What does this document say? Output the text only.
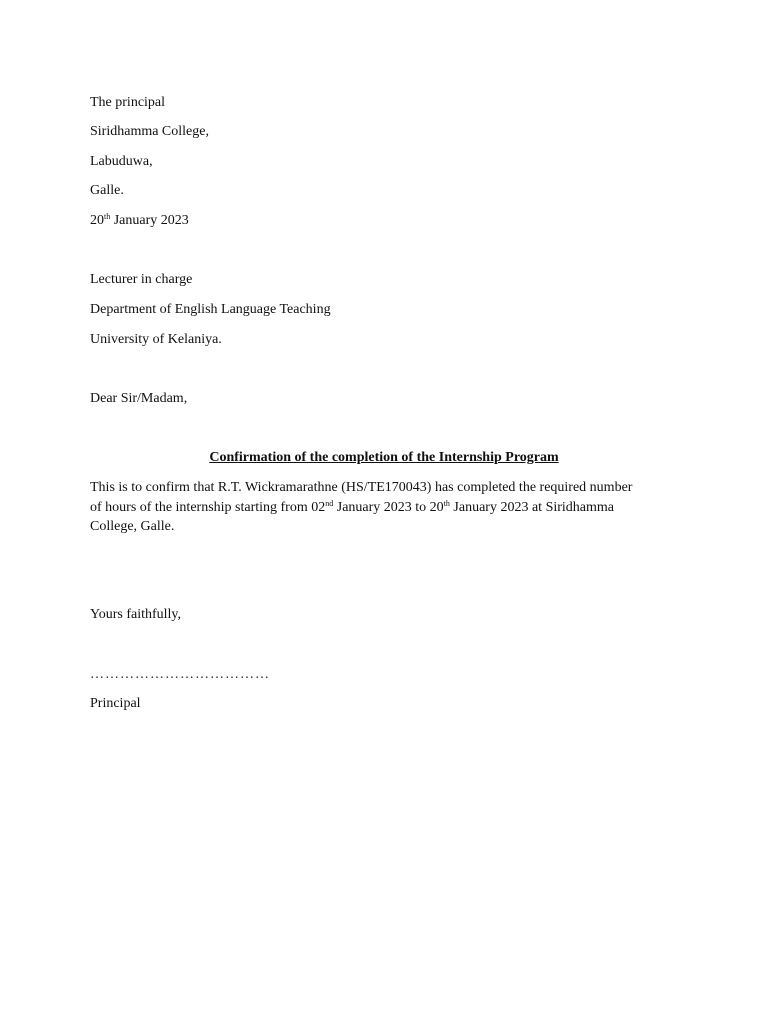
The principal
Siridhamma College,
Labuduwa,
Galle.
20th January 2023
Lecturer in charge
Department of English Language Teaching
University of Kelaniya.
Dear Sir/Madam,
Confirmation of the completion of the Internship Program
This is to confirm that R.T. Wickramarathne (HS/TE170043) has completed the required number
of hours of the internship starting from 02nd January 2023 to 20th January 2023 at Siridhamma
College, Galle.
Yours faithfully,
………………………………
Principal
